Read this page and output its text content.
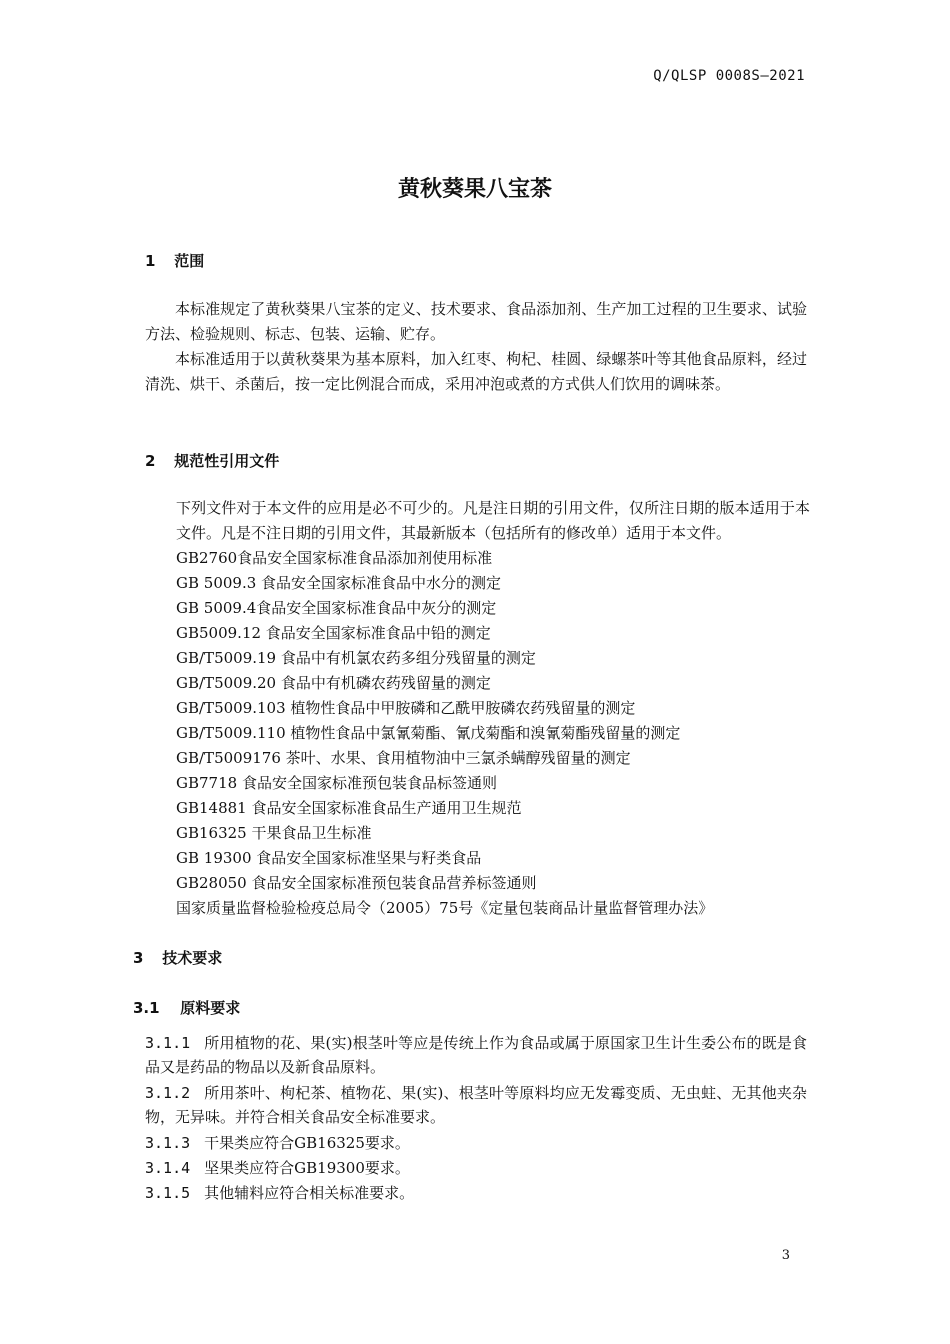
Q/QLSP 0008S—2021
黄秋葵果八宝茶
1 范围
本标准规定了黄秋葵果八宝茶的定义、技术要求、食品添加剂、生产加工过程的卫生要求、试验方法、检验规则、标志、包装、运输、贮存。
本标准适用于以黄秋葵果为基本原料，加入红枣、枸杞、桂圆、绿螺茶叶等其他食品原料，经过清洗、烘干、杀菌后，按一定比例混合而成，采用冲泡或煮的方式供人们饮用的调味茶。
2 规范性引用文件
下列文件对于本文件的应用是必不可少的。凡是注日期的引用文件，仅所注日期的版本适用于本文件。凡是不注日期的引用文件，其最新版本（包括所有的修改单）适用于本文件。
GB2760食品安全国家标准食品添加剂使用标准
GB 5009.3 食品安全国家标准食品中水分的测定
GB 5009.4食品安全国家标准食品中灰分的测定
GB5009.12 食品安全国家标准食品中铅的测定
GB/T5009.19 食品中有机氯农药多组分残留量的测定
GB/T5009.20 食品中有机磷农药残留量的测定
GB/T5009.103 植物性食品中甲胺磷和乙酰甲胺磷农药残留量的测定
GB/T5009.110 植物性食品中氯氰菊酯、氰戊菊酯和溴氰菊酯残留量的测定
GB/T5009176 茶叶、水果、食用植物油中三氯杀螨醇残留量的测定
GB7718 食品安全国家标准预包装食品标签通则
GB14881 食品安全国家标准食品生产通用卫生规范
GB16325 干果食品卫生标准
GB 19300 食品安全国家标准坚果与籽类食品
GB28050 食品安全国家标准预包装食品营养标签通则
国家质量监督检验检疫总局令（2005）75号《定量包装商品计量监督管理办法》
3 技术要求
3.1 原料要求
3.1.1 所用植物的花、果(实)根茎叶等应是传统上作为食品或属于原国家卫生计生委公布的既是食品又是药品的物品以及新食品原料。
3.1.2 所用茶叶、枸杞茶、植物花、果(实)、根茎叶等原料均应无发霉变质、无虫蛀、无其他夹杂物，无异味。并符合相关食品安全标准要求。
3.1.3 干果类应符合GB16325要求。
3.1.4 坚果类应符合GB19300要求。
3.1.5 其他辅料应符合相关标准要求。
3
